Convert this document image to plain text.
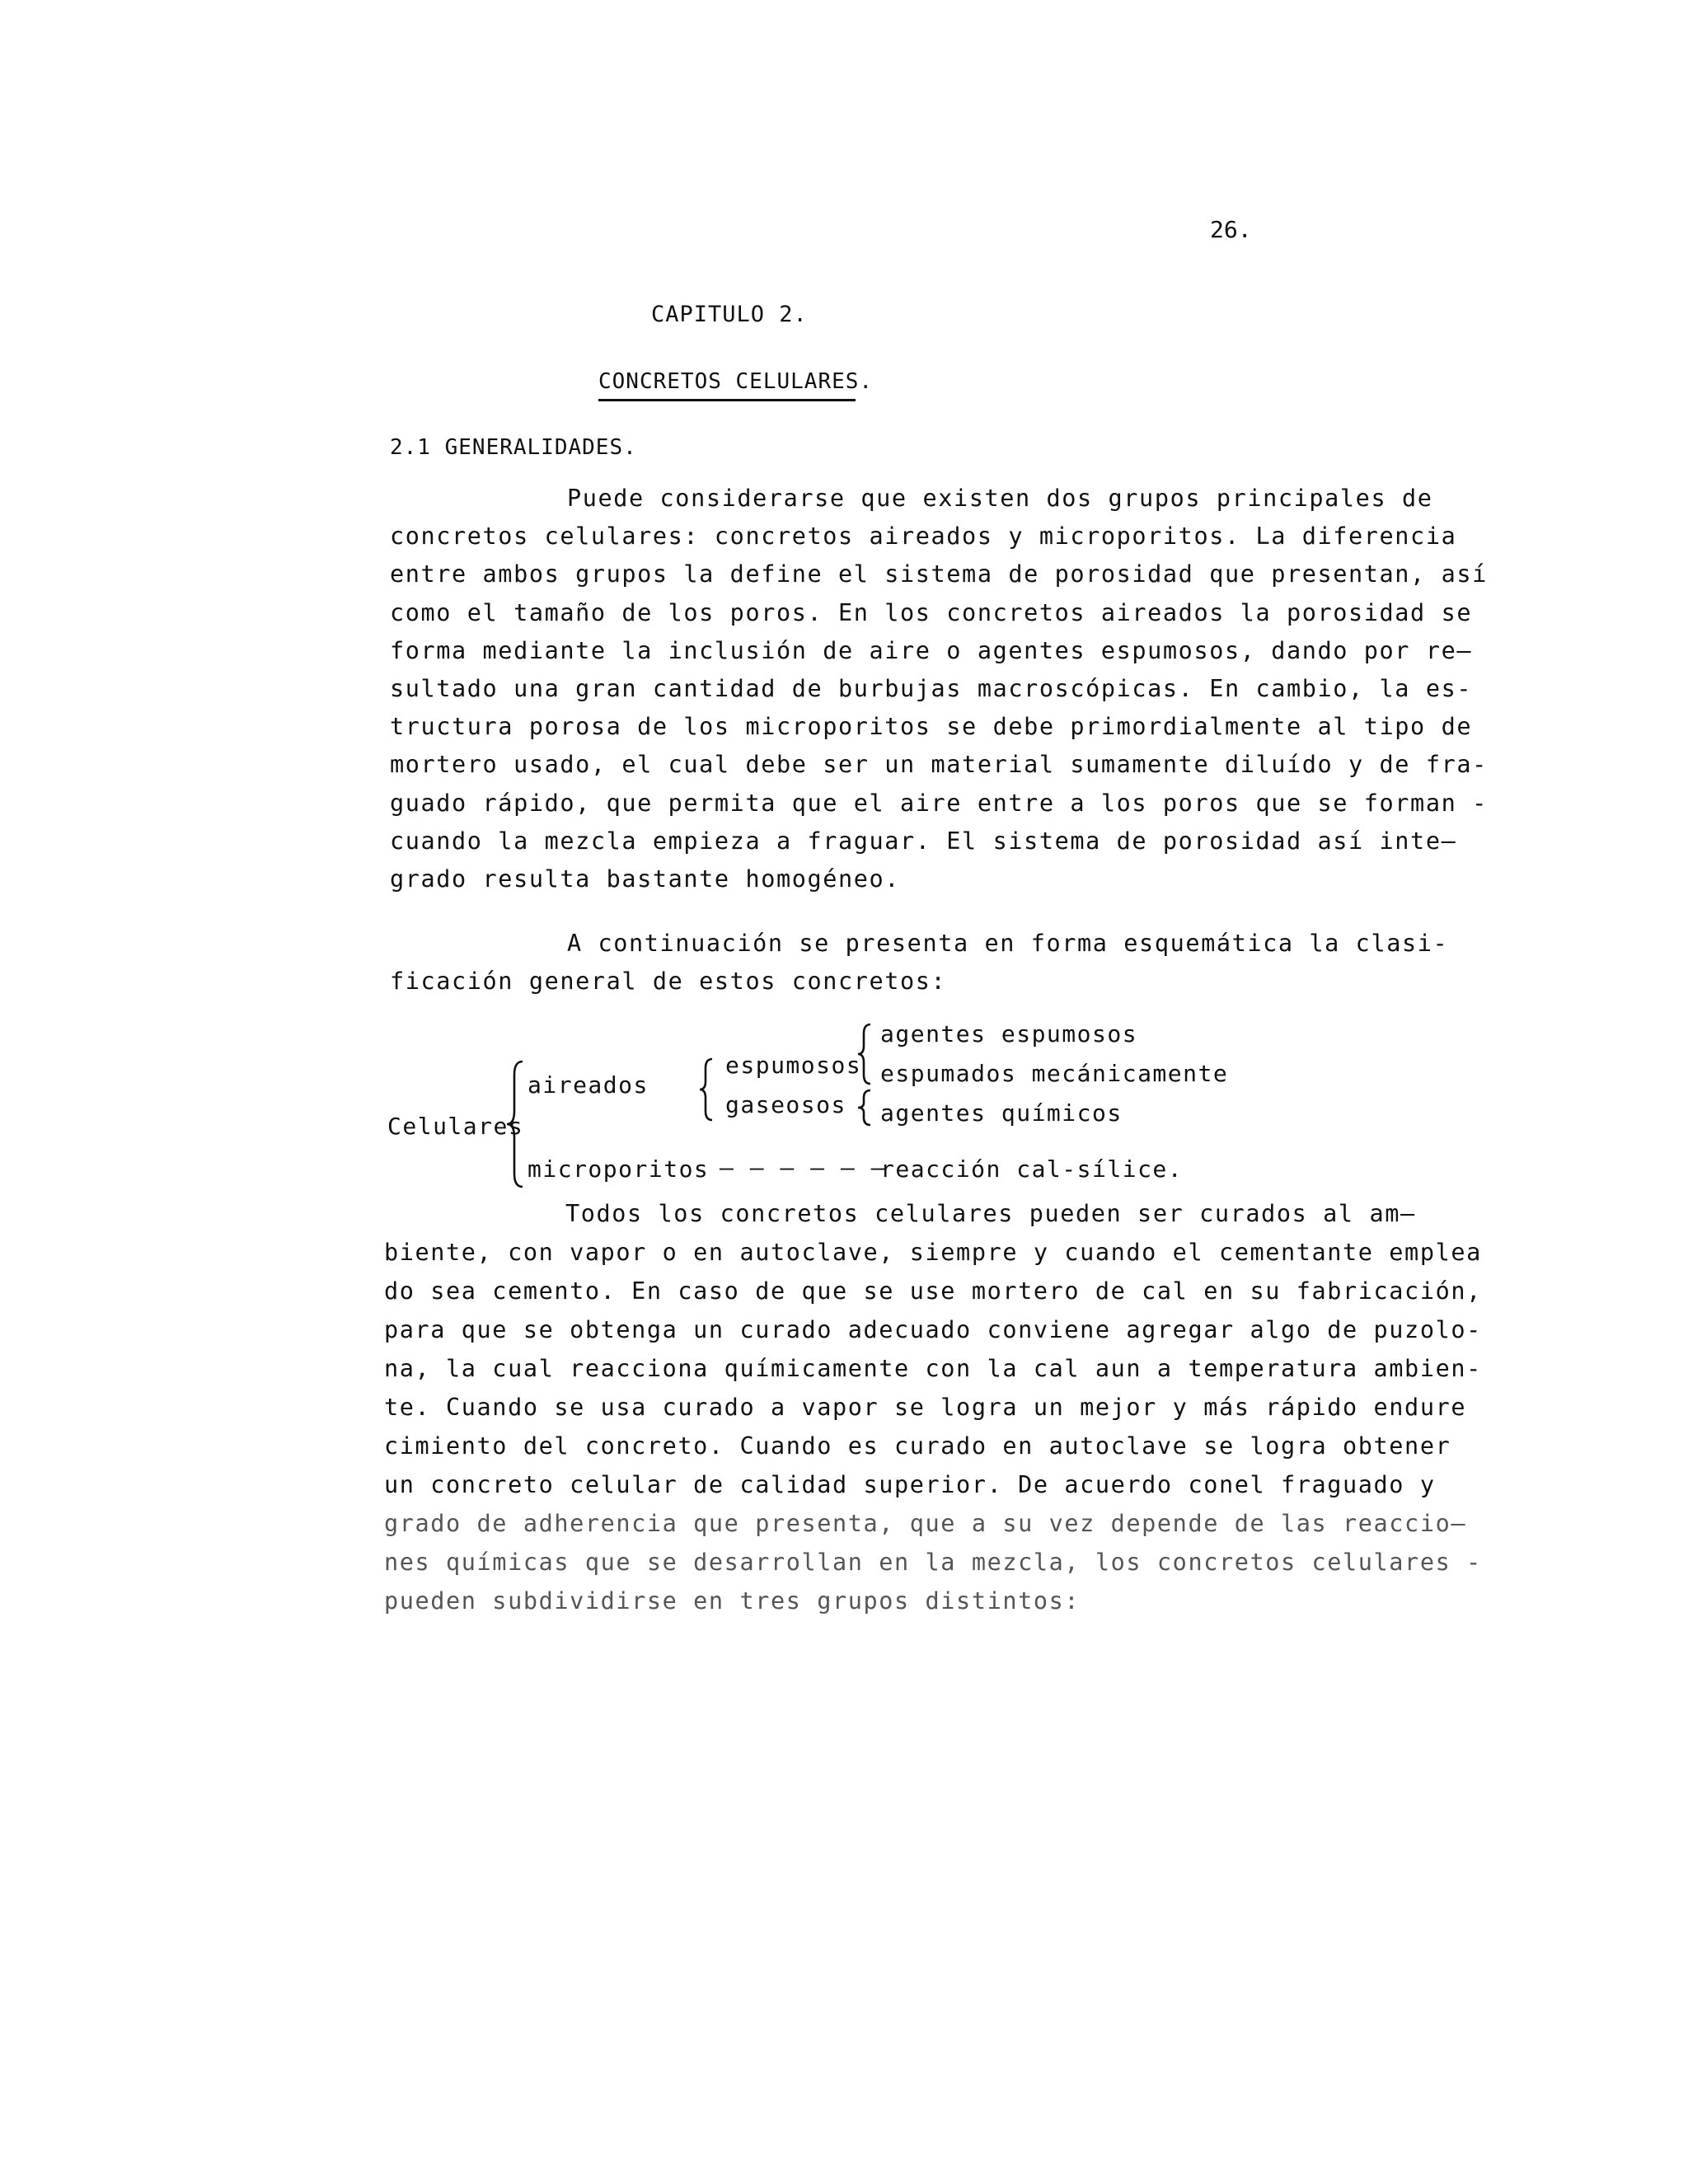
26.
CAPITULO 2.
CONCRETOS CELULARES.
2.1 GENERALIDADES.
Puede considerarse que existen dos grupos principales de
concretos celulares: concretos aireados y microporitos. La diferencia
entre ambos grupos la define el sistema de porosidad que presentan, así
como el tamaño de los poros. En los concretos aireados la porosidad se
forma mediante la inclusión de aire o agentes espumosos, dando por re—
sultado una gran cantidad de burbujas macroscópicas. En cambio, la es-
tructura porosa de los microporitos se debe primordialmente al tipo de
mortero usado, el cual debe ser un material sumamente diluído y de fra-
guado rápido, que permita que el aire entre a los poros que se forman -
cuando la mezcla empieza a fraguar. El sistema de porosidad así inte—
grado resulta bastante homogéneo.
A continuación se presenta en forma esquemática la clasi-
ficación general de estos concretos:
Celulares
aireados
microporitos
espumosos
gaseosos
agentes espumosos
espumados mecánicamente
agentes químicos
– – – – – –
reacción cal-sílice.
Todos los concretos celulares pueden ser curados al am—
biente, con vapor o en autoclave, siempre y cuando el cementante emplea
do sea cemento. En caso de que se use mortero de cal en su fabricación,
para que se obtenga un curado adecuado conviene agregar algo de puzolo-
na, la cual reacciona químicamente con la cal aun a temperatura ambien-
te. Cuando se usa curado a vapor se logra un mejor y más rápido endure
cimiento del concreto. Cuando es curado en autoclave se logra obtener
un concreto celular de calidad superior. De acuerdo conel fraguado y
grado de adherencia que presenta, que a su vez depende de las reaccio—
nes químicas que se desarrollan en la mezcla, los concretos celulares -
pueden subdividirse en tres grupos distintos:
